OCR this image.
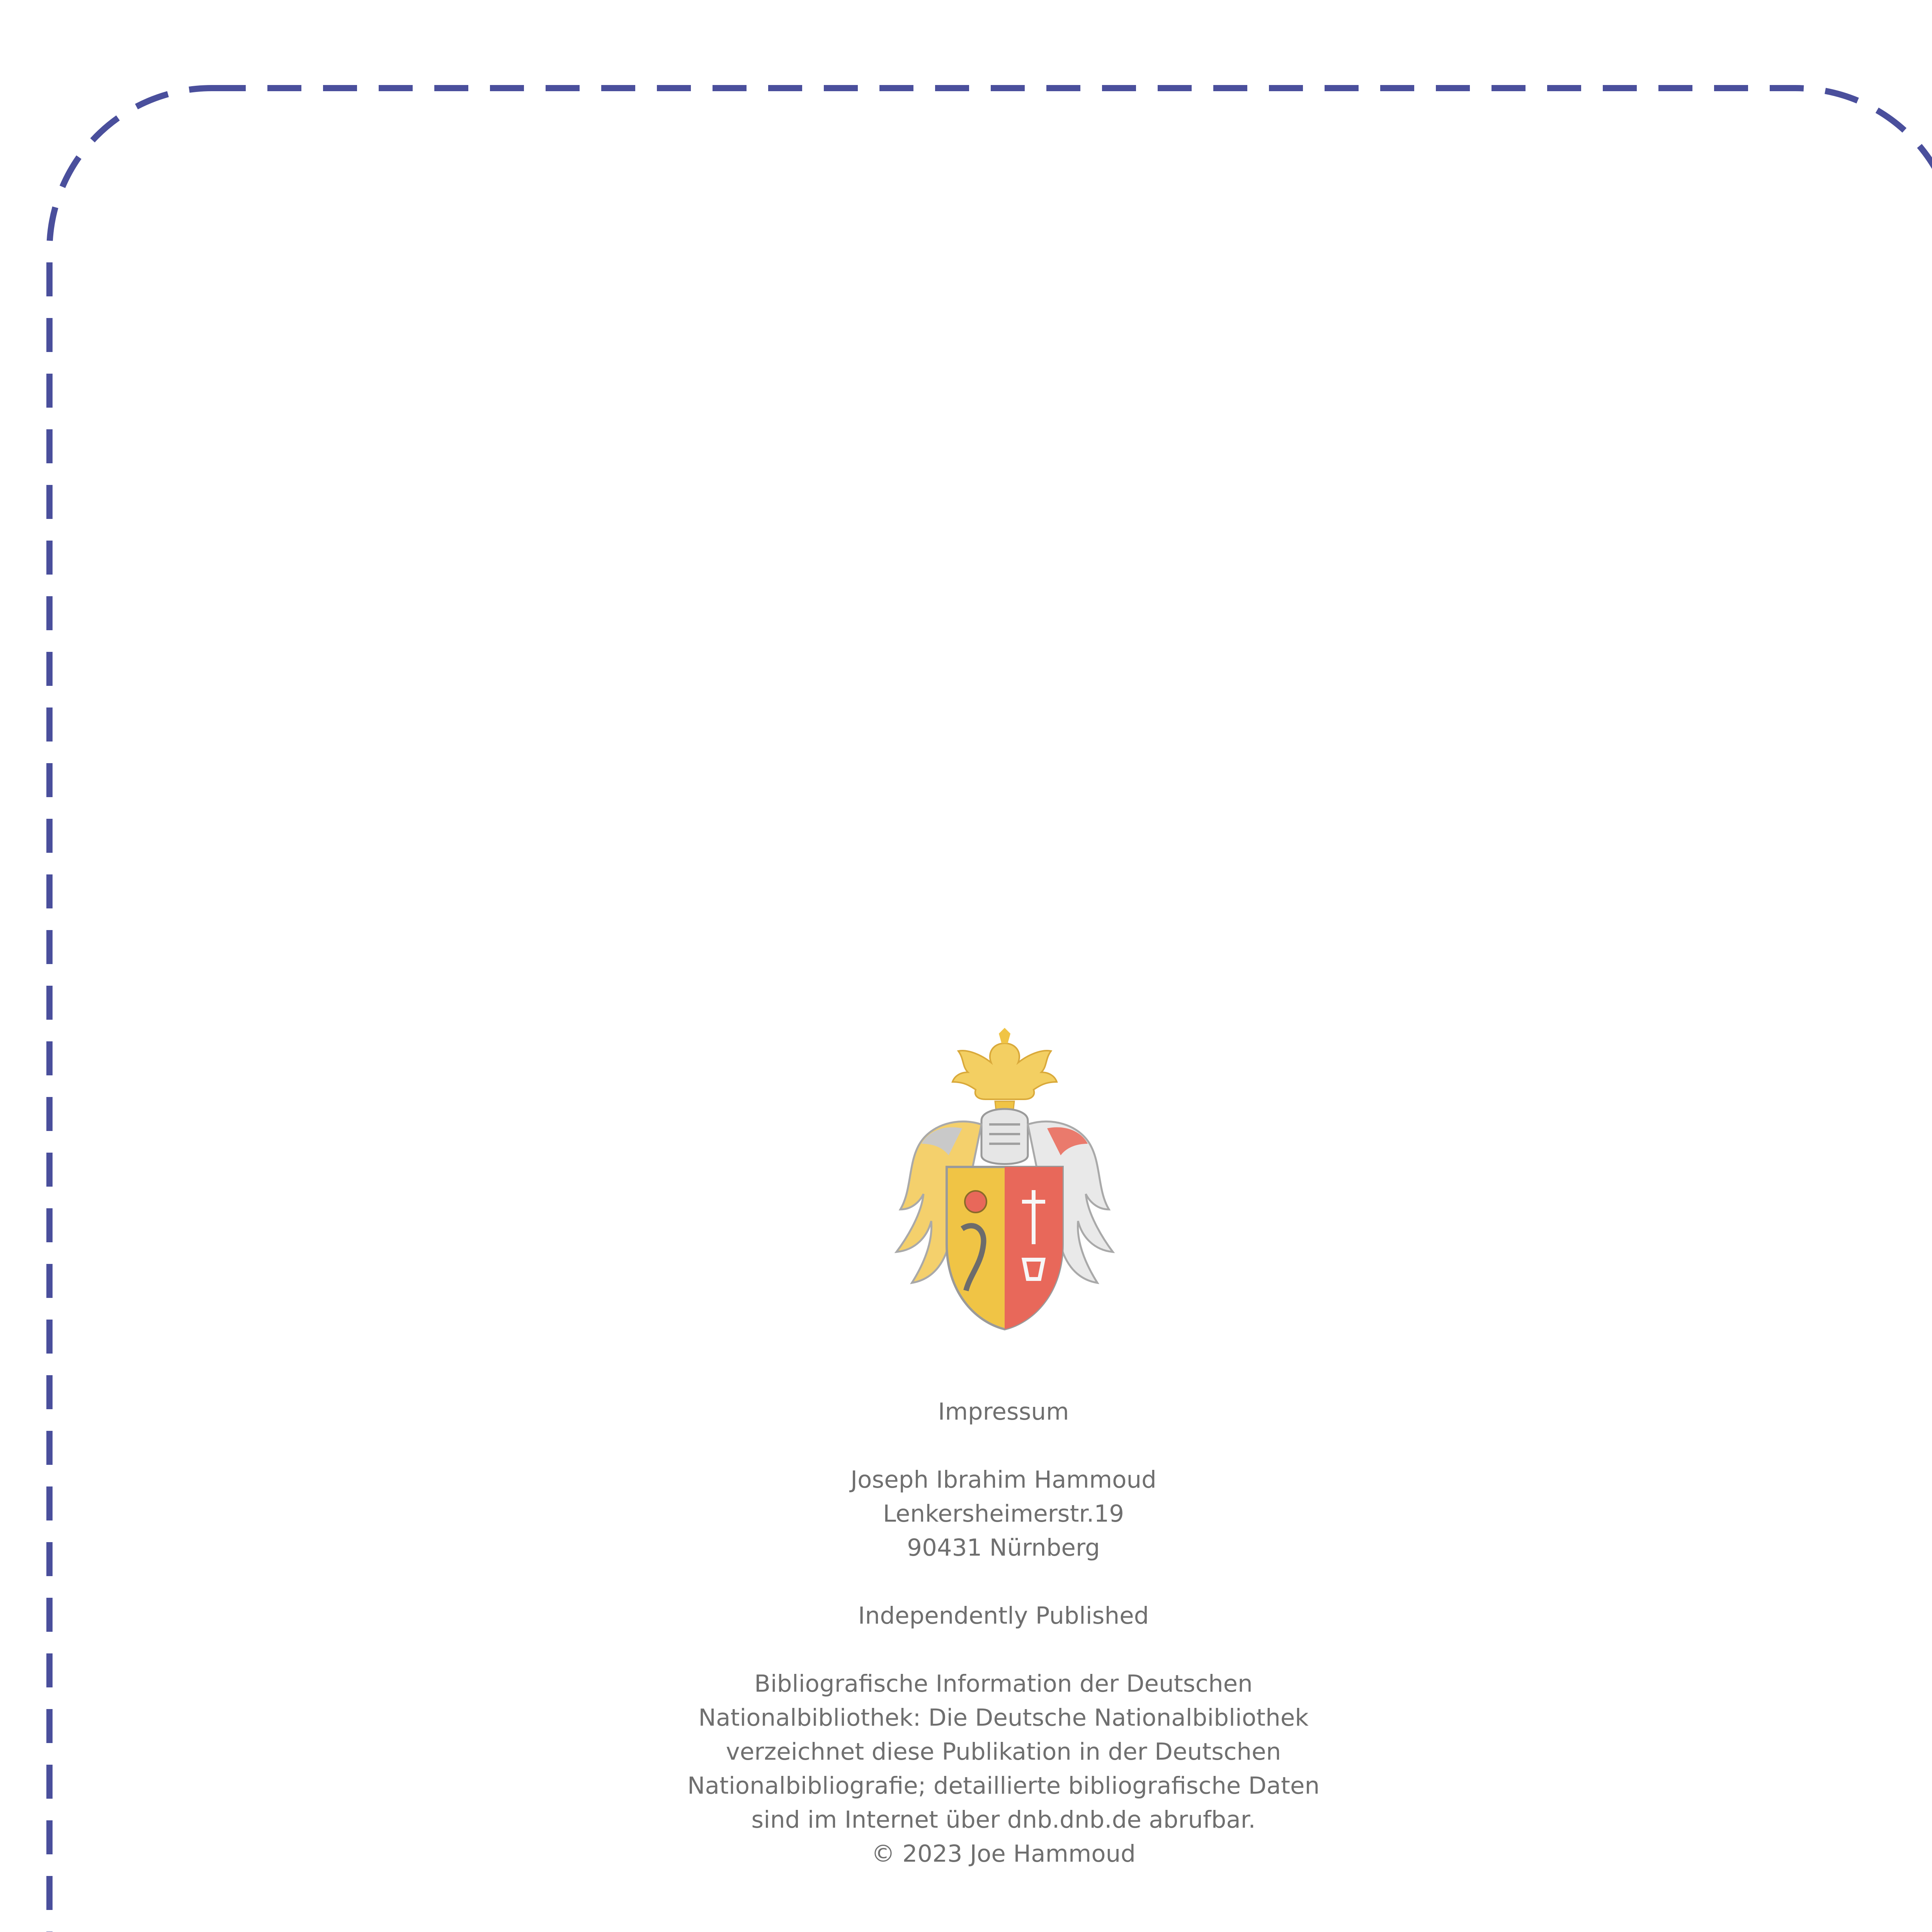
Impressum
Joseph Ibrahim Hammoud
Lenkersheimerstr.19
90431 Nürnberg
Independently Published
Bibliografische Information der Deutschen
Nationalbibliothek: Die Deutsche Nationalbibliothek
verzeichnet diese Publikation in der Deutschen
Nationalbibliografie; detaillierte bibliografische Daten
sind im Internet über dnb.dnb.de abrufbar.
© 2023 Joe Hammoud
